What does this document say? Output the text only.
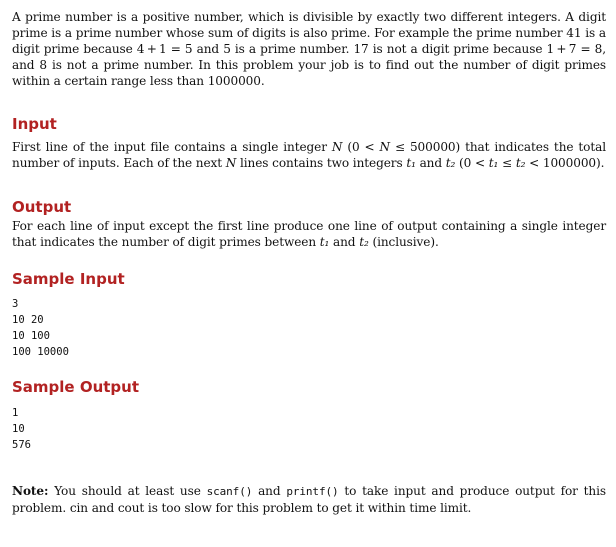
A prime number is a positive number, which is divisible by exactly two different integers. A digit prime is a prime number whose sum of digits is also prime. For example the prime number 41 is a digit prime because 4 + 1 = 5 and 5 is a prime number. 17 is not a digit prime because 1 + 7 = 8, and 8 is not a prime number. In this problem your job is to find out the number of digit primes within a certain range less than 1000000.

Input

First line of the input file contains a single integer N (0 < N ≤ 500000) that indicates the total number of inputs. Each of the next N lines contains two integers t₁ and t₂ (0 < t₁ ≤ t₂ < 1000000).

Output

For each line of input except the first line produce one line of output containing a single integer that indicates the number of digit primes between t₁ and t₂ (inclusive).

Sample Input
3
10 20
10 100
100 10000
Sample Output
1
10
576

Note: You should at least use scanf() and printf() to take input and produce output for this problem. cin and cout is too slow for this problem to get it within time limit.
